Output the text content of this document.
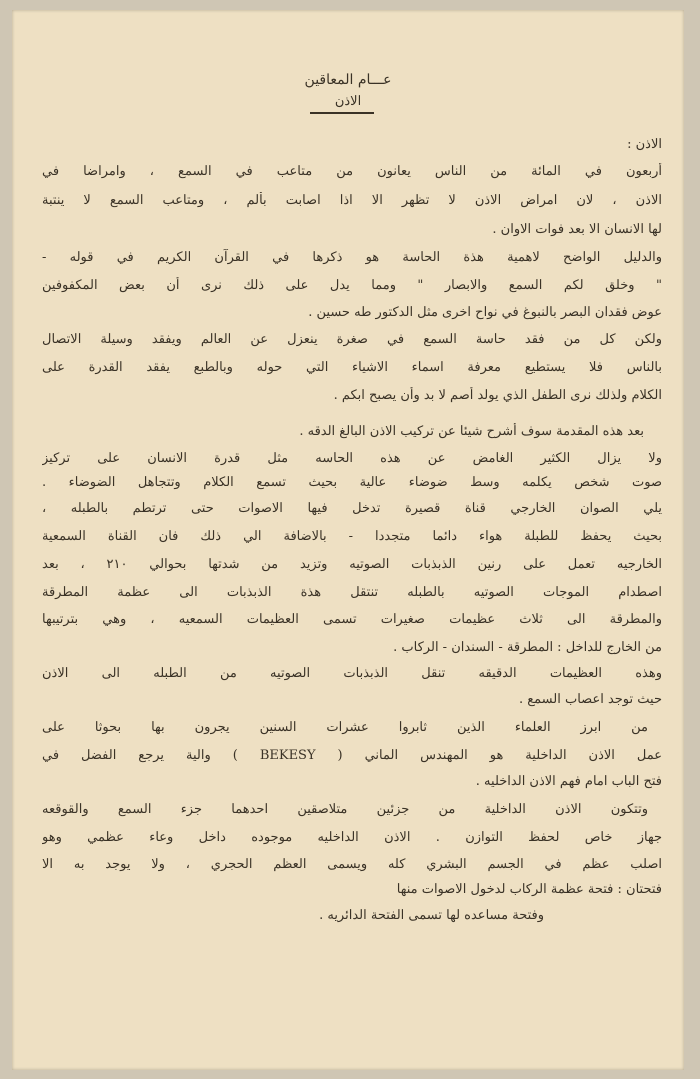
عـــام المعاقين
الاذن
الاذن :
أربعون في المائة من الناس يعانون من متاعب في السمع ، وامراضا في
الاذن ، لان امراض الاذن لا تظهر الا اذا اصابت بألم ، ومتاعب السمع لا ينتبة
لها الانسان الا بعد فوات الاوان .
والدليل الواضح لاهمية هذة الحاسة هو ذكرها في القرآن الكريم في قوله -
" وخلق لكم السمع والابصار " ومما يدل على ذلك نرى أن بعض المكفوفين
عوض فقدان البصر بالنبوغ في نواح اخرى مثل الدكتور طه حسين .
ولكن كل من فقد حاسة السمع في صغرة ينعزل عن العالم ويفقد وسيلة الاتصال
بالناس فلا يستطيع معرفة اسماء الاشياء التي حوله وبالطبع يفقد القدرة على
الكلام ولذلك نرى الطفل الذي يولد أصم لا بد وأن يصبح ابكم .
بعد هذه المقدمة سوف أشرح شيئا عن تركيب الاذن البالغ الدقه .
ولا يزال الكثير الغامض عن هذه الحاسه مثل قدرة الانسان على تركيز
صوت شخص يكلمه وسط ضوضاء عالية بحيث تسمع الكلام وتتجاهل الضوضاء .
يلي الصوان الخارجي قناة قصيرة تدخل فيها الاصوات حتى ترتطم بالطبله ،
بحيث يحفظ للطبلة هواء دائما متجددا - بالاضافة الي ذلك فان القناة السمعية
الخارجيه تعمل على رنين الذبذبات الصوتيه وتزيد من شدتها بحوالي ٢١٠ ، بعد
اصطدام الموجات الصوتيه بالطبله تنتقل هذة الذبذبات الى عظمة المطرقة
والمطرقة الى ثلاث عظيمات صغيرات تسمى العظيمات السمعيه ، وهي بترتيبها
من الخارج للداخل : المطرقة - السندان - الركاب .
وهذه العظيمات الدقيقه تنقل الذبذبات الصوتيه من الطبله الى الاذن
حيث توجد اعصاب السمع .
من ابرز العلماء الذين ثابروا عشرات السنين يجرون بها بحوثا على
عمل الاذن الداخلية هو المهندس الماني ( BEKESY ) والية يرجع الفضل في
فتح الباب امام فهم الاذن الداخليه .
وتتكون الاذن الداخلية من جزئين متلاصقين احدهما جزء السمع والقوقعه
جهاز خاص لحفظ التوازن . الاذن الداخليه موجوده داخل وعاء عظمي وهو
اصلب عظم في الجسم البشري كله ويسمى العظم الحجري ، ولا يوجد به الا
فتحتان : فتحة عظمة الركاب لدخول الاصوات منها
وفتحة مساعده لها تسمى الفتحة الدائريه .
